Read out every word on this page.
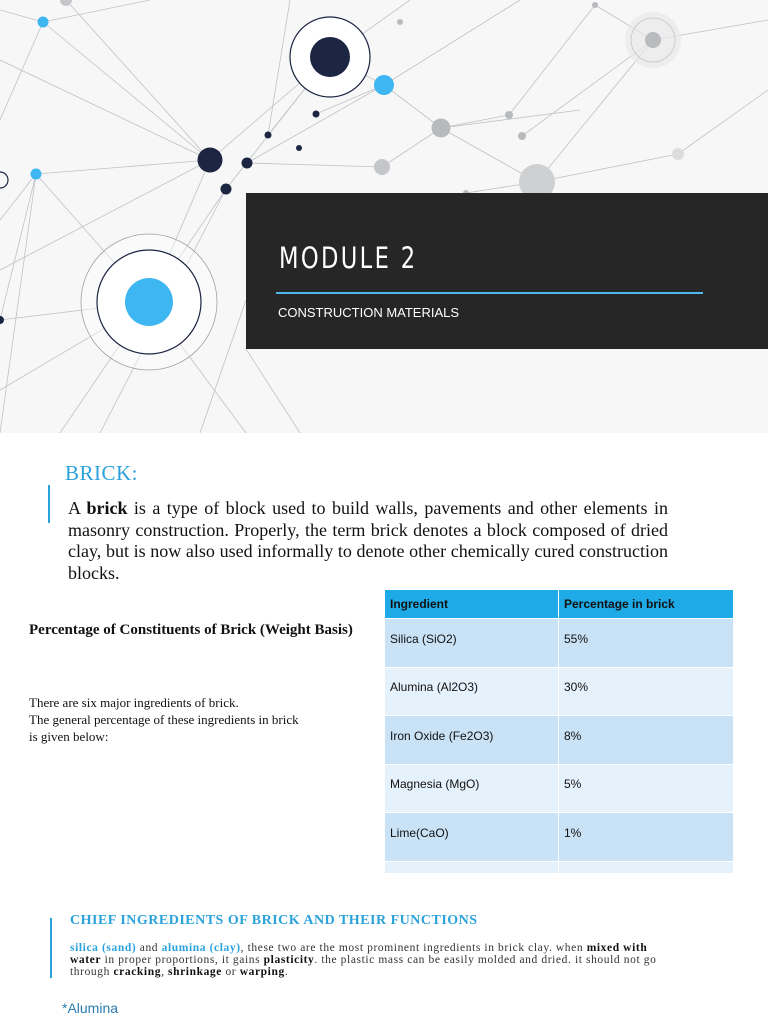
MODULE 2
CONSTRUCTION MATERIALS
BRICK:

A brick is a type of block used to build walls, pavements and other elements in masonry construction. Properly, the term brick denotes a block composed of dried clay, but is now also used informally to denote other chemically cured construction blocks.

Percentage of Constituents of Brick (Weight Basis)

There are six major ingredients of brick.
The general percentage of these ingredients in brick
is given below:
Ingredient	Percentage in brick
Silica (SiO2)	55%
Alumina (Al2O3)	30%
Iron Oxide (Fe2O3)	8%
Magnesia (MgO)	5%
Lime(CaO)	1%

CHIEF INGREDIENTS OF BRICK AND THEIR FUNCTIONS

silica (sand) and alumina (clay), these two are the most prominent ingredients in brick clay. when mixed with water in proper proportions, it gains plasticity. the plastic mass can be easily molded and dried. it should not go through cracking, shrinkage or warping.

*Alumina
